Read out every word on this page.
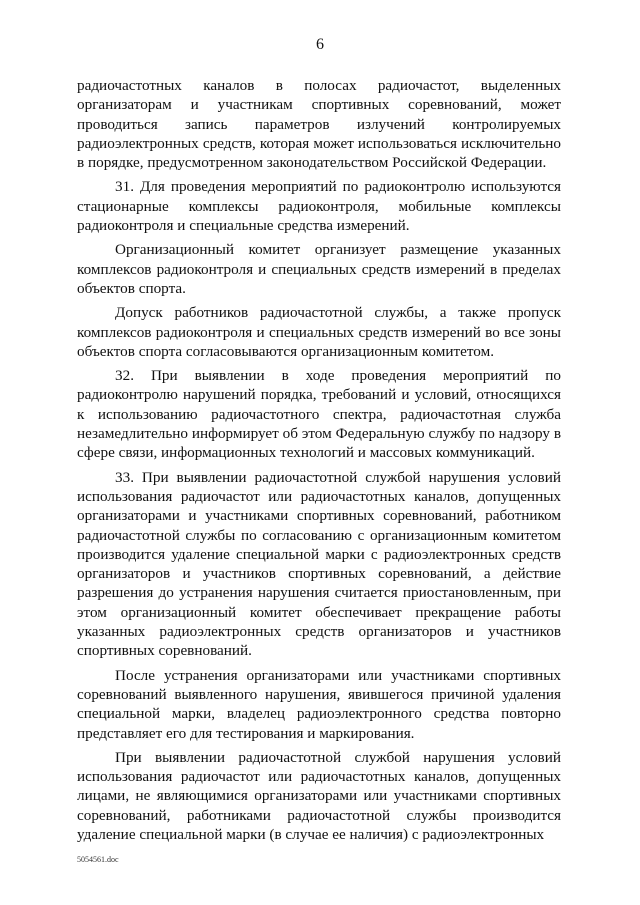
6

радиочастотных каналов в полосах радиочастот, выделенных организаторам и участникам спортивных соревнований, может проводиться запись параметров излучений контролируемых радиоэлектронных средств, которая может использоваться исключительно в порядке, предусмотренном законодательством Российской Федерации.

31. Для проведения мероприятий по радиоконтролю используются стационарные комплексы радиоконтроля, мобильные комплексы радиоконтроля и специальные средства измерений.

Организационный комитет организует размещение указанных комплексов радиоконтроля и специальных средств измерений в пределах объектов спорта.

Допуск работников радиочастотной службы, а также пропуск комплексов радиоконтроля и специальных средств измерений во все зоны объектов спорта согласовываются организационным комитетом.

32. При выявлении в ходе проведения мероприятий по радиоконтролю нарушений порядка, требований и условий, относящихся к использованию радиочастотного спектра, радиочастотная служба незамедлительно информирует об этом Федеральную службу по надзору в сфере связи, информационных технологий и массовых коммуникаций.

33. При выявлении радиочастотной службой нарушения условий использования радиочастот или радиочастотных каналов, допущенных организаторами и участниками спортивных соревнований, работником радиочастотной службы по согласованию с организационным комитетом производится удаление специальной марки с радиоэлектронных средств организаторов и участников спортивных соревнований, а действие разрешения до устранения нарушения считается приостановленным, при этом организационный комитет обеспечивает прекращение работы указанных радиоэлектронных средств организаторов и участников спортивных соревнований.

После устранения организаторами или участниками спортивных соревнований выявленного нарушения, явившегося причиной удаления специальной марки, владелец радиоэлектронного средства повторно представляет его для тестирования и маркирования.

При выявлении радиочастотной службой нарушения условий использования радиочастот или радиочастотных каналов, допущенных лицами, не являющимися организаторами или участниками спортивных соревнований, работниками радиочастотной службы производится удаление специальной марки (в случае ее наличия) с радиоэлектронных

5054561.doc
